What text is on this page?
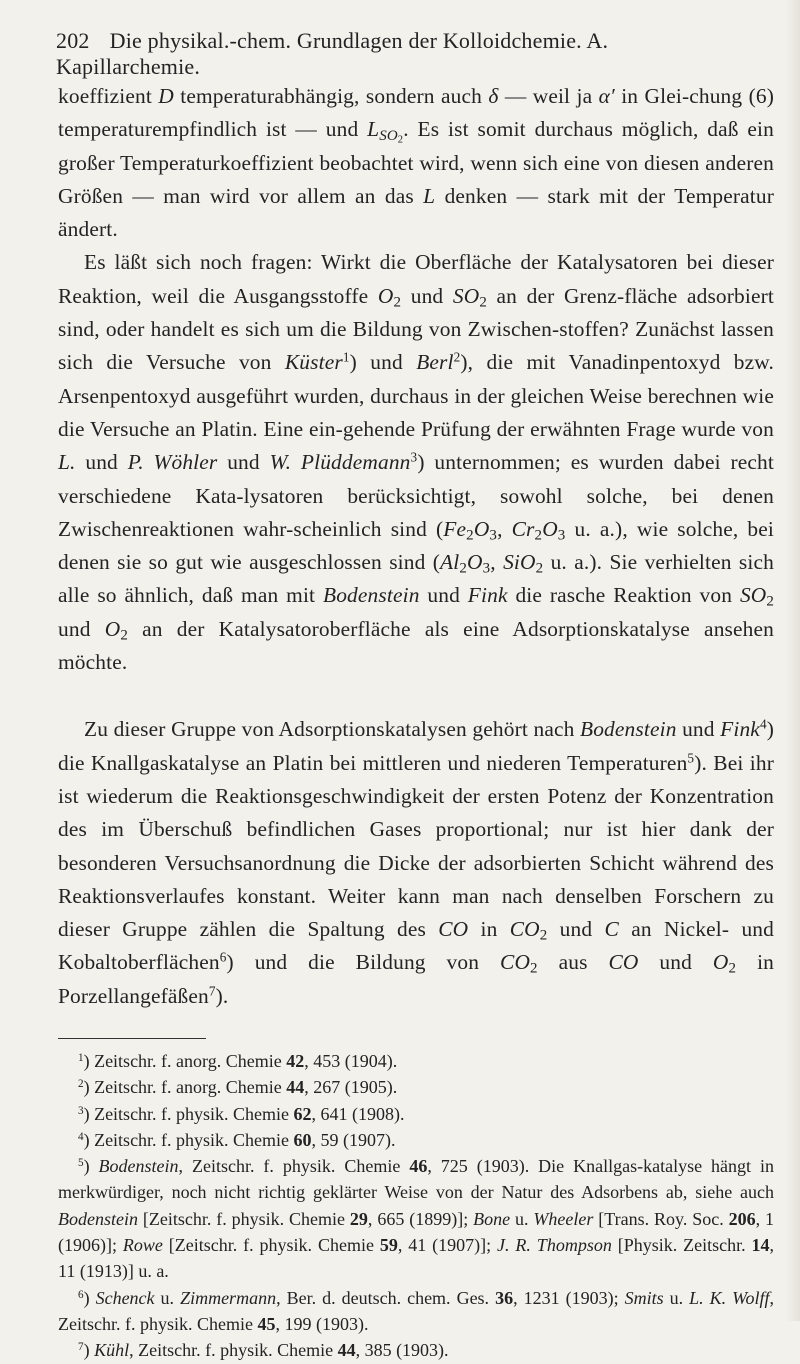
202 Die physikal.-chem. Grundlagen der Kolloidchemie. A. Kapillarchemie.

koeffizient D temperaturabhängig, sondern auch δ — weil ja α′ in Glei-chung (6) temperaturempfindlich ist — und $L_{SO_2}$. Es ist somit durchaus möglich, daß ein großer Temperaturkoeffizient beobachtet wird, wenn sich eine von diesen anderen Größen — man wird vor allem an das L denken — stark mit der Temperatur ändert.

Es läßt sich noch fragen: Wirkt die Oberfläche der Katalysatoren bei dieser Reaktion, weil die Ausgangsstoffe $O_2$ und $SO_2$ an der Grenz-fläche adsorbiert sind, oder handelt es sich um die Bildung von Zwischen-stoffen? Zunächst lassen sich die Versuche von Küster$^1$) und Berl$^2$), die mit Vanadinpentoxyd bzw. Arsenpentoxyd ausgeführt wurden, durchaus in der gleichen Weise berechnen wie die Versuche an Platin. Eine ein-gehende Prüfung der erwähnten Frage wurde von L. und P. Wöhler und W. Plüddemann$^3$) unternommen; es wurden dabei recht verschiedene Kata-lysatoren berücksichtigt, sowohl solche, bei denen Zwischenreaktionen wahr-scheinlich sind ($Fe_2O_3$, $Cr_2O_3$ u. a.), wie solche, bei denen sie so gut wie ausgeschlossen sind ($Al_2O_3$, SiO$_2$ u. a.). Sie verhielten sich alle so ähnlich, daß man mit Bodenstein und Fink die rasche Reaktion von $SO_2$ und $O_2$ an der Katalysatoroberfläche als eine Adsorptionskatalyse ansehen möchte.

Zu dieser Gruppe von Adsorptionskatalysen gehört nach Bodenstein und Fink$^4$) die Knallgaskatalyse an Platin bei mittleren und niederen Temperaturen$^5$). Bei ihr ist wiederum die Reaktionsgeschwindigkeit der ersten Potenz der Konzentration des im Überschuß befindlichen Gases proportional; nur ist hier dank der besonderen Versuchsanordnung die Dicke der adsorbierten Schicht während des Reaktionsverlaufes konstant. Weiter kann man nach denselben Forschern zu dieser Gruppe zählen die Spaltung des CO in $CO_2$ und C an Nickel- und Kobaltoberflächen$^6$) und die Bildung von $CO_2$ aus CO und $O_2$ in Porzellangefäßen$^7$).

$^1$) Zeitschr. f. anorg. Chemie 42, 453 (1904).

$^2$) Zeitschr. f. anorg. Chemie 44, 267 (1905).

$^3$) Zeitschr. f. physik. Chemie 62, 641 (1908).

$^4$) Zeitschr. f. physik. Chemie 60, 59 (1907).

$^5$) Bodenstein, Zeitschr. f. physik. Chemie 46, 725 (1903). Die Knallgas-katalyse hängt in merkwürdiger, noch nicht richtig geklärter Weise von der Natur des Adsorbens ab, siehe auch Bodenstein [Zeitschr. f. physik. Chemie 29, 665 (1899)]; Bone u. Wheeler [Trans. Roy. Soc. 206, 1 (1906)]; Rowe [Zeitschr. f. physik. Chemie 59, 41 (1907)]; J. R. Thompson [Physik. Zeitschr. 14, 11 (1913)] u. a.

$^6$) Schenck u. Zimmermann, Ber. d. deutsch. chem. Ges. 36, 1231 (1903); Smits u. L. K. Wolff, Zeitschr. f. physik. Chemie 45, 199 (1903).

$^7$) Kühl, Zeitschr. f. physik. Chemie 44, 385 (1903).
